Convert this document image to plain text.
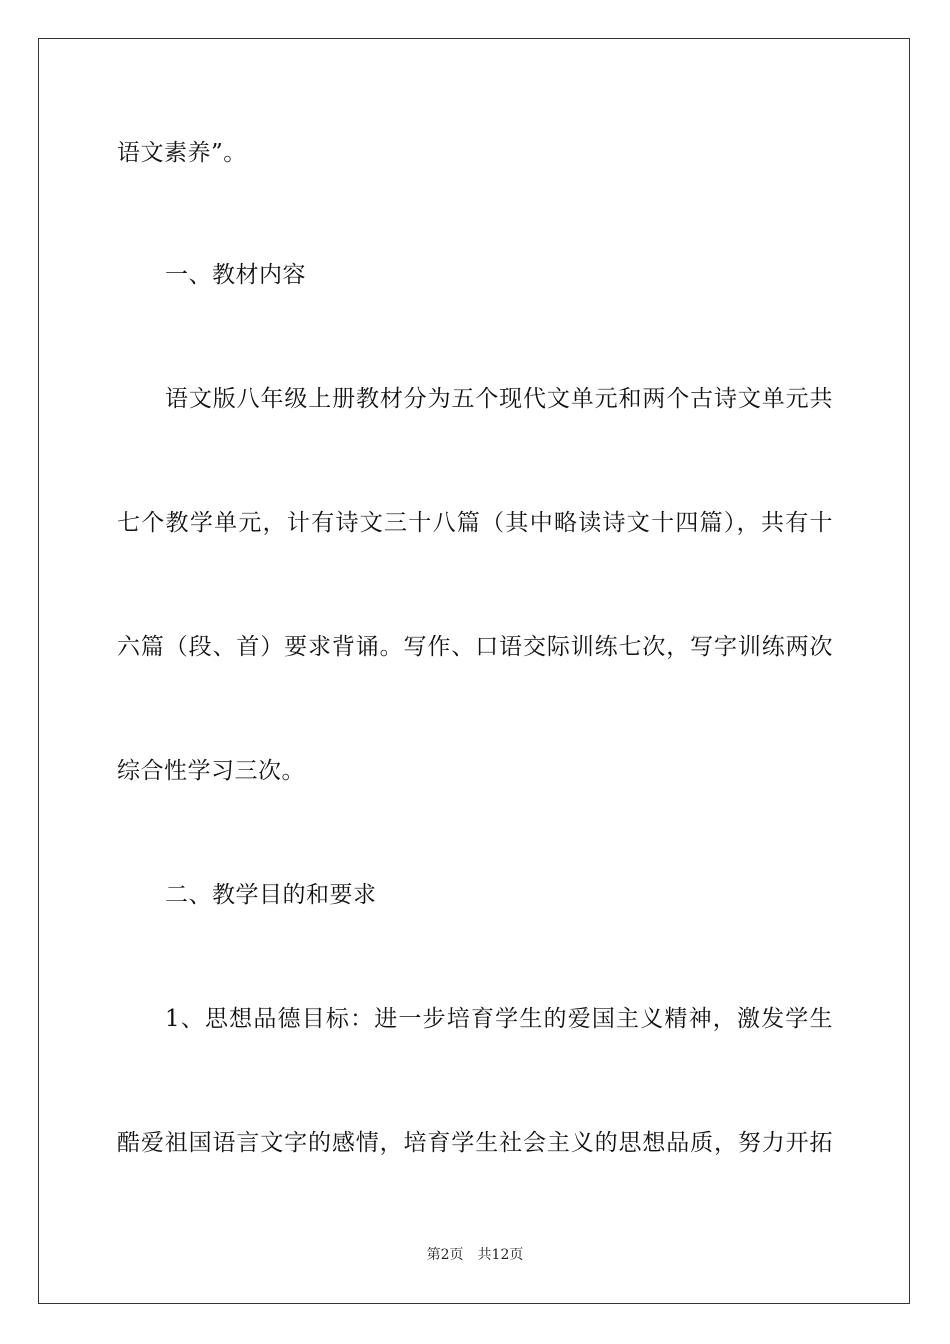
语文素养”。
一、教材内容
语文版八年级上册教材分为五个现代文单元和两个古诗文单元共
七个教学单元，计有诗文三十八篇（其中略读诗文十四篇），共有十
六篇（段、首）要求背诵。写作、口语交际训练七次，写字训练两次
综合性学习三次。
二、教学目的和要求
1、思想品德目标：进一步培育学生的爱国主义精神，激发学生
酷爱祖国语言文字的感情，培育学生社会主义的思想品质，努力开拓
第2页 共12页
